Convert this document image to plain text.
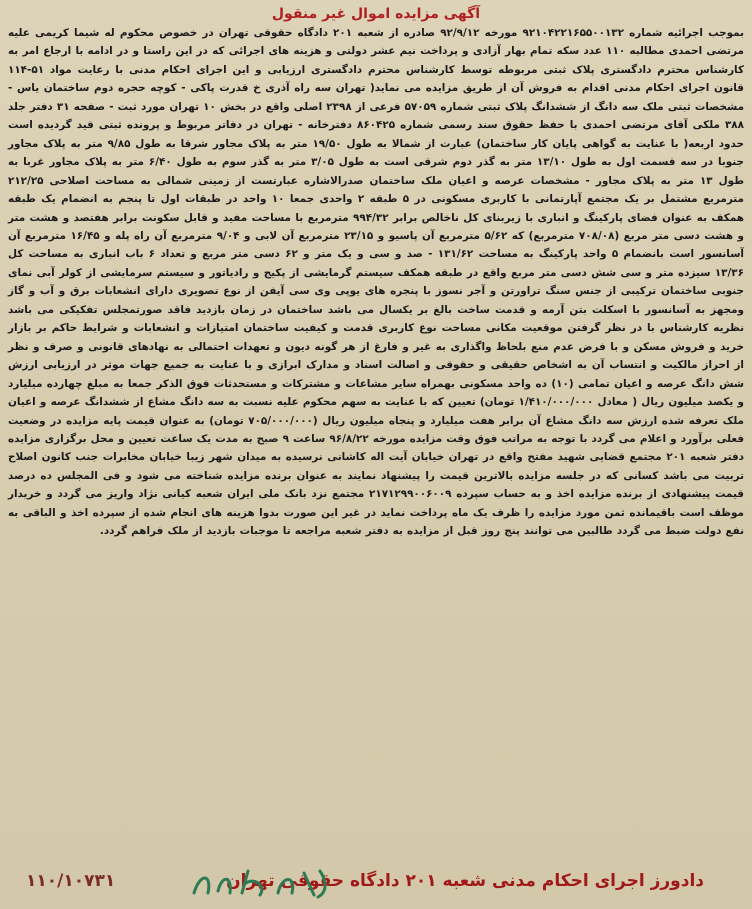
آگهی مزایده اموال غیر منقول

بموجب اجرائیه شماره ۹۲۱۰۴۲۲۱۶۵۵۰۰۱۳۲ مورخه ۹۲/۹/۱۲ صادره از شعبه ۲۰۱ دادگاه حقوقی تهران در خصوص محکوم له شیما کریمی علیه مرتضی احمدی مطالبه ۱۱۰ عدد سکه تمام بهار آزادی و پرداخت نیم عشر دولتی و هزینه های اجرائی که در این راستا و در ادامه با ارجاع امر به کارشناس محترم دادگستری پلاک ثبتی مربوطه توسط کارشناس محترم دادگستری ارزیابی و این اجرای احکام مدنی با رعایت مواد ۵۱-۱۱۴ قانون اجرای احکام مدنی اقدام به فروش آن از طریق مزایده می نماید( تهران سه راه آذری خ قدرت پاکی - کوچه حجره دوم ساختمان یاس - مشخصات ثبتی ملک سه دانگ از ششدانگ پلاک ثبتی شماره ۵۷۰۵۹ فرعی از ۲۳۹۸ اصلی واقع در بخش ۱۰ تهران مورد ثبت - صفحه ۳۱ دفتر جلد ۳۸۸ ملکی آقای مرتضی احمدی با حفظ حقوق سند رسمی شماره ۸۶۰۴۲۵ دفترخانه - تهران در دفاتر مربوط و پرونده ثبتی قید گردیده است حدود اربعه( با عنایت به گواهی پایان کار ساختمان) عبارت از شمالا به طول ۱۹/۵۰ متر به پلاک مجاور شرقا به طول ۹/۸۵ متر به پلاک مجاور جنوبا در سه قسمت اول به طول ۱۳/۱۰ متر به گذر دوم شرقی است به طول ۳/۰۵ متر به گذر سوم به طول ۶/۴۰ متر به پلاک مجاور غربا به طول ۱۳ متر به پلاک مجاور - مشخصات عرصه و اعیان ملک ساختمان صدرالاشاره عبارتست از زمینی شمالی به مساحت اصلاحی ۲۱۲/۲۵ مترمربع مشتمل بر یک مجتمع آپارتمانی با کاربری مسکونی در ۵ طبقه ۲ واحدی جمعا ۱۰ واحد در طبقات اول تا پنجم به انضمام یک طبقه همکف به عنوان فضای پارکینگ و انباری با زیربنای کل ناخالص برابر ۹۹۴/۳۲ مترمربع با مساحت مفید و قابل سکونت برابر هفتصد و هشت متر و هشت دسی متر مربع (۷۰۸/۰۸ مترمربع) که ۵/۶۲ مترمربع آن پاسیو و ۲۳/۱۵ مترمربع آن لابی و ۹/۰۴ مترمربع آن راه پله و ۱۶/۴۵ مترمربع آن آسانسور است بانضمام ۵ واحد پارکینگ به مساحت ۱۳۱/۶۲ - صد و سی و یک متر و ۶۲ دسی متر مربع و تعداد ۶ باب انباری به مساحت کل ۱۳/۳۶ سیزده متر و سی شش دسی متر مربع واقع در طبقه همکف سیستم گرمایشی از پکیج و رادیاتور و سیستم سرمایشی از کولر آبی نمای جنوبی ساختمان ترکیبی از جنس سنگ تراورتن و آجر نسوز با پنجره های یوپی وی سی آیفن از نوع تصویری دارای انشعابات برق و آب و گاز ومجهز به آسانسور با اسکلت بتن آرمه و قدمت ساخت بالغ بر یکسال می باشد ساختمان در زمان بازدید فاقد صورتمجلس تفکیکی می باشد نظریه کارشناس با در نظر گرفتن موقعیت مکانی مساحت نوع کاربری قدمت و کیفیت ساختمان امتیازات و انشعابات و شرایط حاکم بر بازار خرید و فروش مسکن و با فرض عدم منع بلحاظ واگذاری به غیر و فارغ از هر گونه دیون و تعهدات احتمالی به نهادهای قانونی و صرف و نظر از احراز مالکیت و انتساب آن به اشخاص حقیقی و حقوقی و اصالت اسناد و مدارک ابرازی و با عنایت به جمیع جهات موثر در ارزیابی ارزش شش دانگ عرصه و اعیان تمامی (۱۰) ده واحد مسکونی بهمراه سایر مشاعات و مشترکات و مستحدثات فوق الذکر جمعا به مبلغ چهارده میلیارد و یکصد میلیون ریال ( معادل ۱/۴۱۰/۰۰۰/۰۰۰ تومان) تعیین که با عنایت به سهم محکوم علیه نسبت به سه دانگ مشاع از ششدانگ عرصه و اعیان ملک تعرفه شده ارزش سه دانگ مشاع آن برابر هفت میلیارد و پنجاه میلیون ریال (۷۰۵/۰۰۰/۰۰۰ تومان) به عنوان قیمت پایه مزایده در وضعیت فعلی برآورد و اعلام می گردد با توجه به مراتب فوق وقت مزایده مورخه ۹۶/۸/۲۲ ساعت ۹ صبح به مدت یک ساعت تعیین و محل برگزاری مزایده دفتر شعبه ۲۰۱ مجتمع قضایی شهید مفتح واقع در تهران خیابان آیت اله کاشانی نرسیده به میدان شهر زیبا خیابان مخابرات جنب کانون اصلاح تربیت می باشد کسانی که در جلسه مزایده بالاترین قیمت را پیشنهاد نمایند به عنوان برنده مزایده شناخته می شود و فی المجلس ده درصد قیمت پیشنهادی از برنده مزایده اخذ و به حساب سپرده ۲۱۷۱۲۹۹۰۰۶۰۰۹ مجتمع نزد بانک ملی ایران شعبه کیانی نژاد واریز می گردد و خریدار موظف است باقیمانده ثمن مورد مزایده را ظرف یک ماه پرداخت نماید در غیر این صورت بدوا هزینه های انجام شده از سپرده اخذ و الباقی به نفع دولت ضبط می گردد طالبین می توانند پنج روز قبل از مزایده به دفتر شعبه مراجعه تا موجبات بازدید از ملک فراهم گردد.

دادورز اجرای احکام مدنی شعبه ۲۰۱ دادگاه حقوقی تهران
۱۱۰/۱۰۷۳۱
